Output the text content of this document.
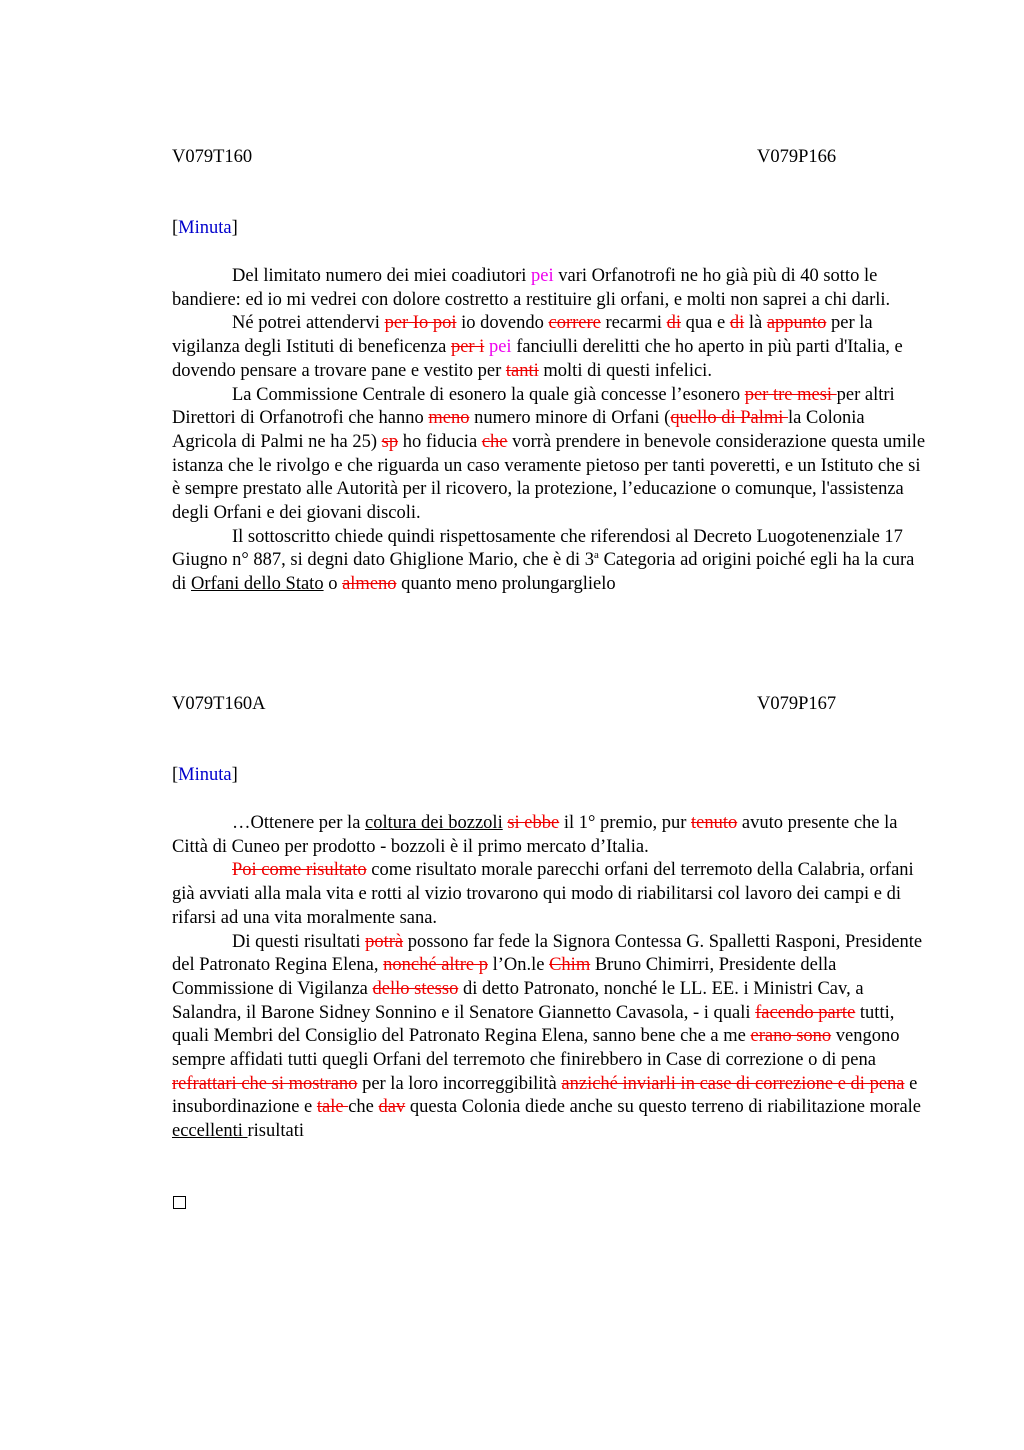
V079T160	V079P166
[Minuta]

Del limitato numero dei miei coadiutori pei vari Orfanotrofi ne ho già più di 40 sotto le bandiere: ed io mi vedrei con dolore costretto a restituire gli orfani, e molti non saprei a chi darli.

Né potrei attendervi per Io poi io dovendo correre recarmi di qua e di là appunto per la vigilanza degli Istituti di beneficenza per i pei fanciulli derelitti che ho aperto in più parti d'Italia, e dovendo pensare a trovare pane e vestito per tanti molti di questi infelici.

La Commissione Centrale di esonero la quale già concesse l’esonero per tre mesi per altri Direttori di Orfanotrofi che hanno meno numero minore di Orfani (quello di Palmi la Colonia Agricola di Palmi ne ha 25) sp ho fiducia che vorrà prendere in benevole considerazione questa umile istanza che le rivolgo e che riguarda un caso veramente pietoso per tanti poveretti, e un Istituto che si è sempre prestato alle Autorità per il ricovero, la protezione, l’educazione o comunque, l'assistenza degli Orfani e dei giovani discoli.

Il sottoscritto chiede quindi rispettosamente che riferendosi al Decreto Luogotenenziale 17 Giugno n° 887, si degni dato Ghiglione Mario, che è di 3$^a$ Categoria ad origini poiché egli ha la cura di Orfani dello Stato o almeno quanto meno prolungarglielo

V079T160A	V079P167
[Minuta]

…Ottenere per la coltura dei bozzoli si ebbe il 1° premio, pur tenuto avuto presente che la Città di Cuneo per prodotto - bozzoli è il primo mercato d’Italia.

Poi come risultato come risultato morale parecchi orfani del terremoto della Calabria, orfani già avviati alla mala vita e rotti al vizio trovarono qui modo di riabilitarsi col lavoro dei campi e di rifarsi ad una vita moralmente sana.

Di questi risultati potrà possono far fede la Signora Contessa G. Spalletti Rasponi, Presidente del Patronato Regina Elena, nonché altre p l’On.le Chim Bruno Chimirri, Presidente della Commissione di Vigilanza dello stesso di detto Patronato, nonché le LL. EE. i Ministri Cav, a Salandra, il Barone Sidney Sonnino e il Senatore Giannetto Cavasola, - i quali facendo parte tutti, quali Membri del Consiglio del Patronato Regina Elena, sanno bene che a me erano sono vengono sempre affidati tutti quegli Orfani del terremoto che finirebbero in Case di correzione o di pena refrattari che si mostrano per la loro incorreggibilità anziché inviarli in case di correzione e di pena e insubordinazione e tale che dav questa Colonia diede anche su questo terreno di riabilitazione morale eccellenti risultati
